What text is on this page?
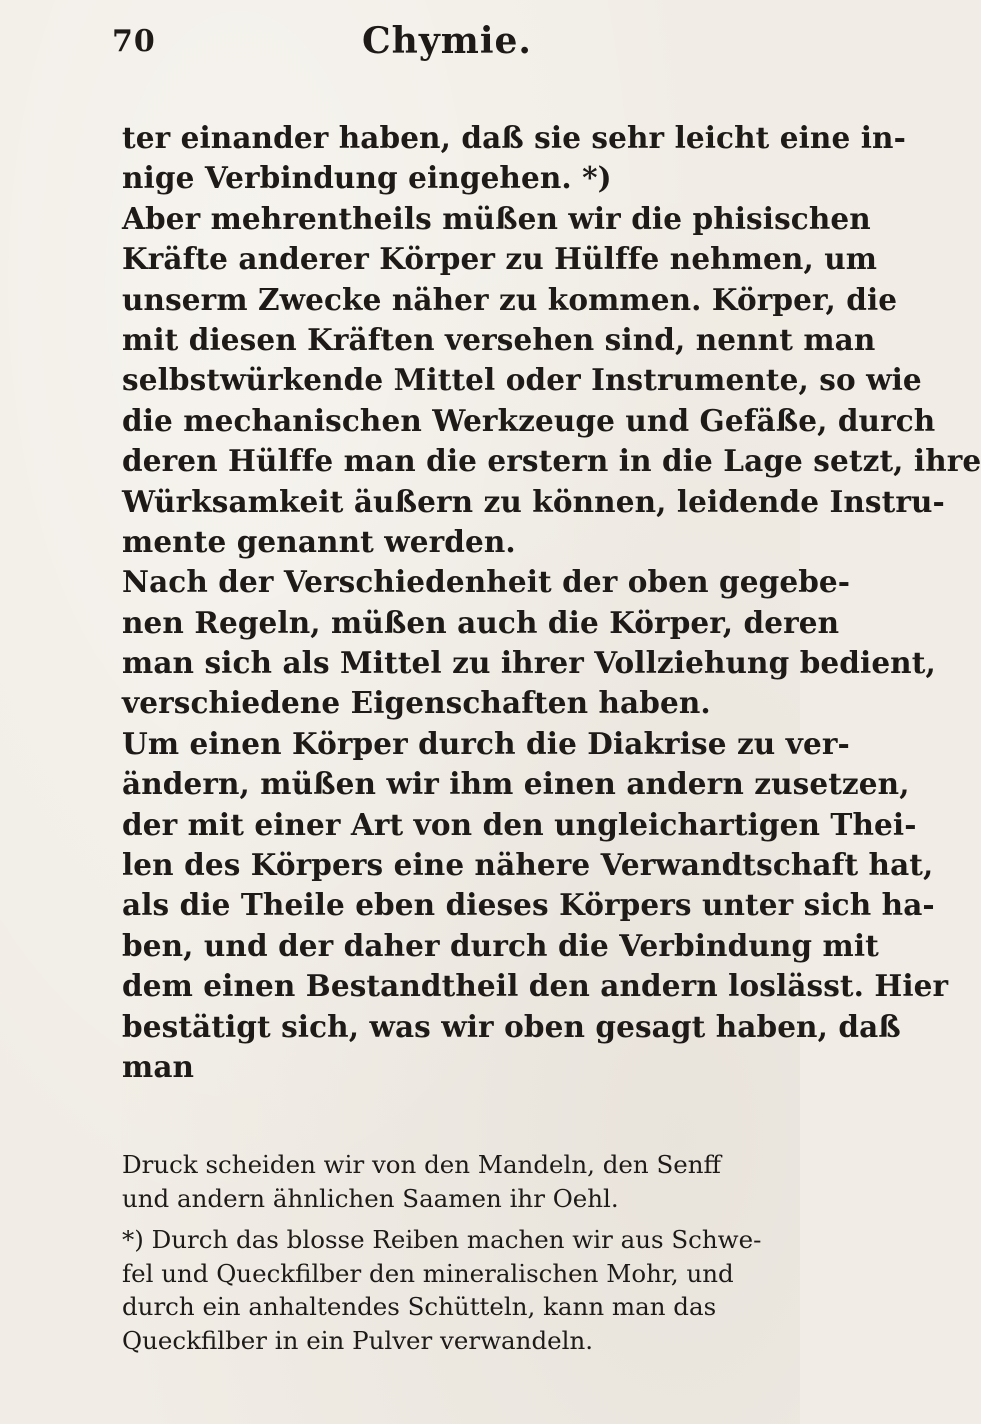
70	Chymie.
ter einander haben, daß sie sehr leicht eine in-
nige Verbindung eingehen. *)
Aber mehrentheils müßen wir die phisischen
Kräfte anderer Körper zu Hülffe nehmen, um
unserm Zwecke näher zu kommen. Körper, die
mit diesen Kräften versehen sind, nennt man
selbstwürkende Mittel oder Instrumente, so wie
die mechanischen Werkzeuge und Gefäße, durch
deren Hülffe man die erstern in die Lage setzt, ihre
Würksamkeit äußern zu können, leidende Instru-
mente genannt werden.
Nach der Verschiedenheit der oben gegebe-
nen Regeln, müßen auch die Körper, deren
man sich als Mittel zu ihrer Vollziehung bedient,
verschiedene Eigenschaften haben.
Um einen Körper durch die Diakrise zu ver-
ändern, müßen wir ihm einen andern zusetzen,
der mit einer Art von den ungleichartigen Thei-
len des Körpers eine nähere Verwandtschaft hat,
als die Theile eben dieses Körpers unter sich ha-
ben, und der daher durch die Verbindung mit
dem einen Bestandtheil den andern loslässt. Hier
bestätigt sich, was wir oben gesagt haben, daß
man
Druck scheiden wir von den Mandeln, den Senff
und andern ähnlichen Saamen ihr Oehl.
*) Durch das blosse Reiben machen wir aus Schwe-
fel und Queckfilber den mineralischen Mohr, und
durch ein anhaltendes Schütteln, kann man das
Queckfilber in ein Pulver verwandeln.
